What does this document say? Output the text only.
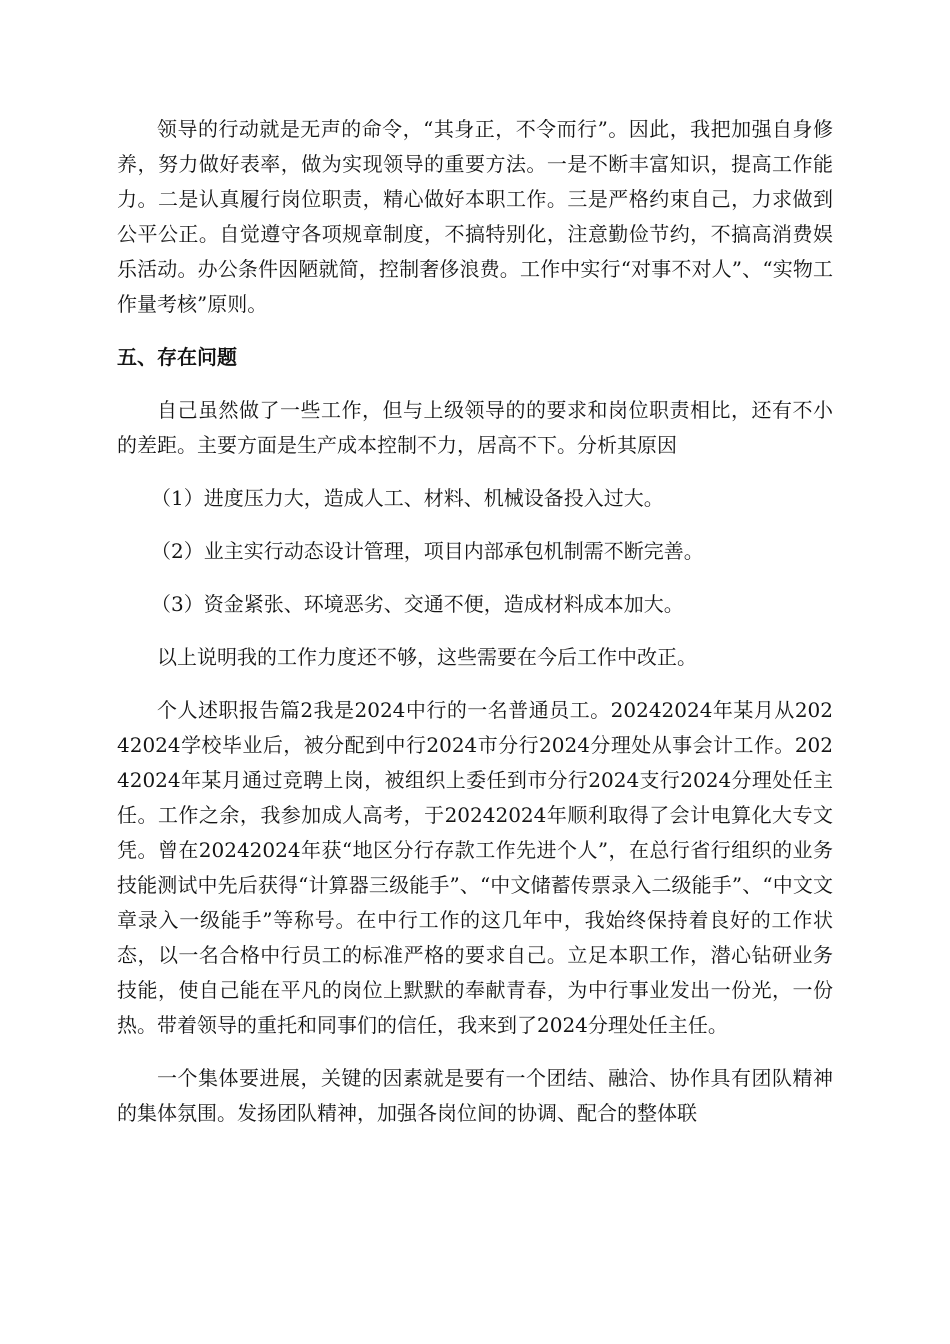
领导的行动就是无声的命令，“其身正，不令而行”。因此，我把加强自身修养，努力做好表率，做为实现领导的重要方法。一是不断丰富知识，提高工作能力。二是认真履行岗位职责，精心做好本职工作。三是严格约束自己，力求做到公平公正。自觉遵守各项规章制度，不搞特别化，注意勤俭节约，不搞高消费娱乐活动。办公条件因陋就简，控制奢侈浪费。工作中实行“对事不对人”、“实物工作量考核”原则。

五、存在问题

自己虽然做了一些工作，但与上级领导的的要求和岗位职责相比，还有不小的差距。主要方面是生产成本控制不力，居高不下。分析其原因

（1）进度压力大，造成人工、材料、机械设备投入过大。

（2）业主实行动态设计管理，项目内部承包机制需不断完善。

（3）资金紧张、环境恶劣、交通不便，造成材料成本加大。

以上说明我的工作力度还不够，这些需要在今后工作中改正。

个人述职报告篇2我是2024中行的一名普通员工。20242024年某月从20242024学校毕业后，被分配到中行2024市分行2024分理处从事会计工作。20242024年某月通过竞聘上岗，被组织上委任到市分行2024支行2024分理处任主任。工作之余，我参加成人高考，于20242024年顺利取得了会计电算化大专文凭。曾在20242024年获“地区分行存款工作先进个人”，在总行省行组织的业务技能测试中先后获得“计算器三级能手”、“中文储蓄传票录入二级能手”、“中文文章录入一级能手”等称号。在中行工作的这几年中，我始终保持着良好的工作状态，以一名合格中行员工的标准严格的要求自己。立足本职工作，潜心钻研业务技能，使自己能在平凡的岗位上默默的奉献青春，为中行事业发出一份光，一份热。带着领导的重托和同事们的信任，我来到了2024分理处任主任。

一个集体要进展，关键的因素就是要有一个团结、融洽、协作具有团队精神的集体氛围。发扬团队精神，加强各岗位间的协调、配合的整体联
